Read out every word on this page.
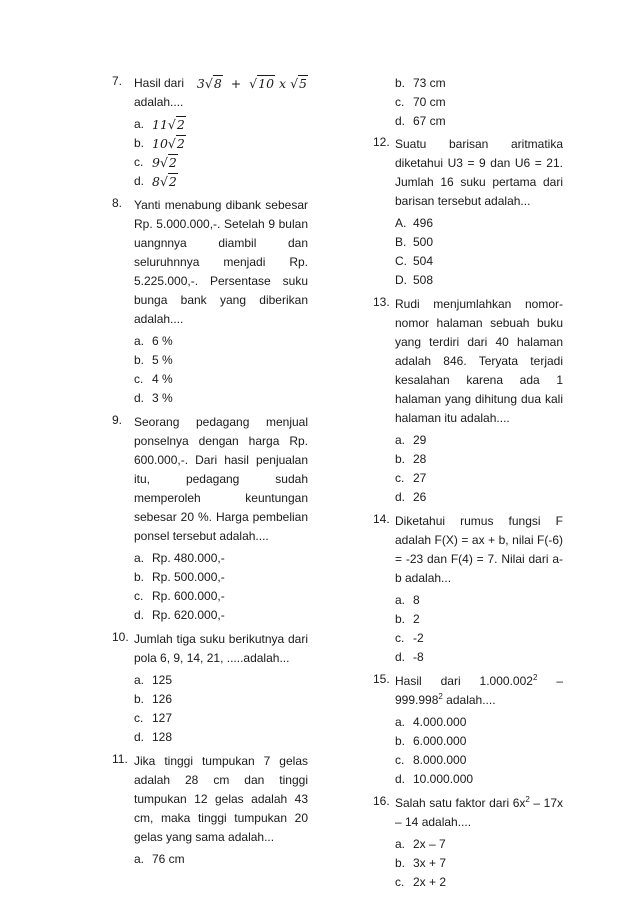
7. Hasil dari 3√8 + √10 x √5
adalah....
a. 11√2
b. 10√2
c. 9√2
d. 8√2
8. Yanti menabung dibank sebesar Rp. 5.000.000,-. Setelah 9 bulan uangnnya diambil dan seluruhnnya menjadi Rp. 5.225.000,-. Persentase suku bunga bank yang diberikan adalah....
a. 6 %
b. 5 %
c. 4 %
d. 3 %
9. Seorang pedagang menjual ponselnya dengan harga Rp. 600.000,-. Dari hasil penjualan itu, pedagang sudah memperoleh keuntungan sebesar 20 %. Harga pembelian ponsel tersebut adalah....
a. Rp. 480.000,-
b. Rp. 500.000,-
c. Rp. 600.000,-
d. Rp. 620.000,-
10. Jumlah tiga suku berikutnya dari pola 6, 9, 14, 21, .....adalah...
a. 125
b. 126
c. 127
d. 128
11. Jika tinggi tumpukan 7 gelas adalah 28 cm dan tinggi tumpukan 12 gelas adalah 43 cm, maka tinggi tumpukan 20 gelas yang sama adalah...
a. 76 cm
b. 73 cm
c. 70 cm
d. 67 cm
12. Suatu barisan aritmatika diketahui U3 = 9 dan U6 = 21. Jumlah 16 suku pertama dari barisan tersebut adalah...
A. 496
B. 500
C. 504
D. 508
13. Rudi menjumlahkan nomor-nomor halaman sebuah buku yang terdiri dari 40 halaman adalah 846. Teryata terjadi kesalahan karena ada 1 halaman yang dihitung dua kali halaman itu adalah....
a. 29
b. 28
c. 27
d. 26
14. Diketahui rumus fungsi F adalah F(X) = ax + b, nilai F(-6) = -23 dan F(4) = 7. Nilai dari a-b adalah...
a. 8
b. 2
c. -2
d. -8
15. Hasil dari 1.000.002$^2$ – 999.998$^2$ adalah....
a. 4.000.000
b. 6.000.000
c. 8.000.000
d. 10.000.000
16. Salah satu faktor dari $6x^2 - 17x - 14$ adalah....
a. 2x – 7
b. 3x + 7
c. 2x + 2
